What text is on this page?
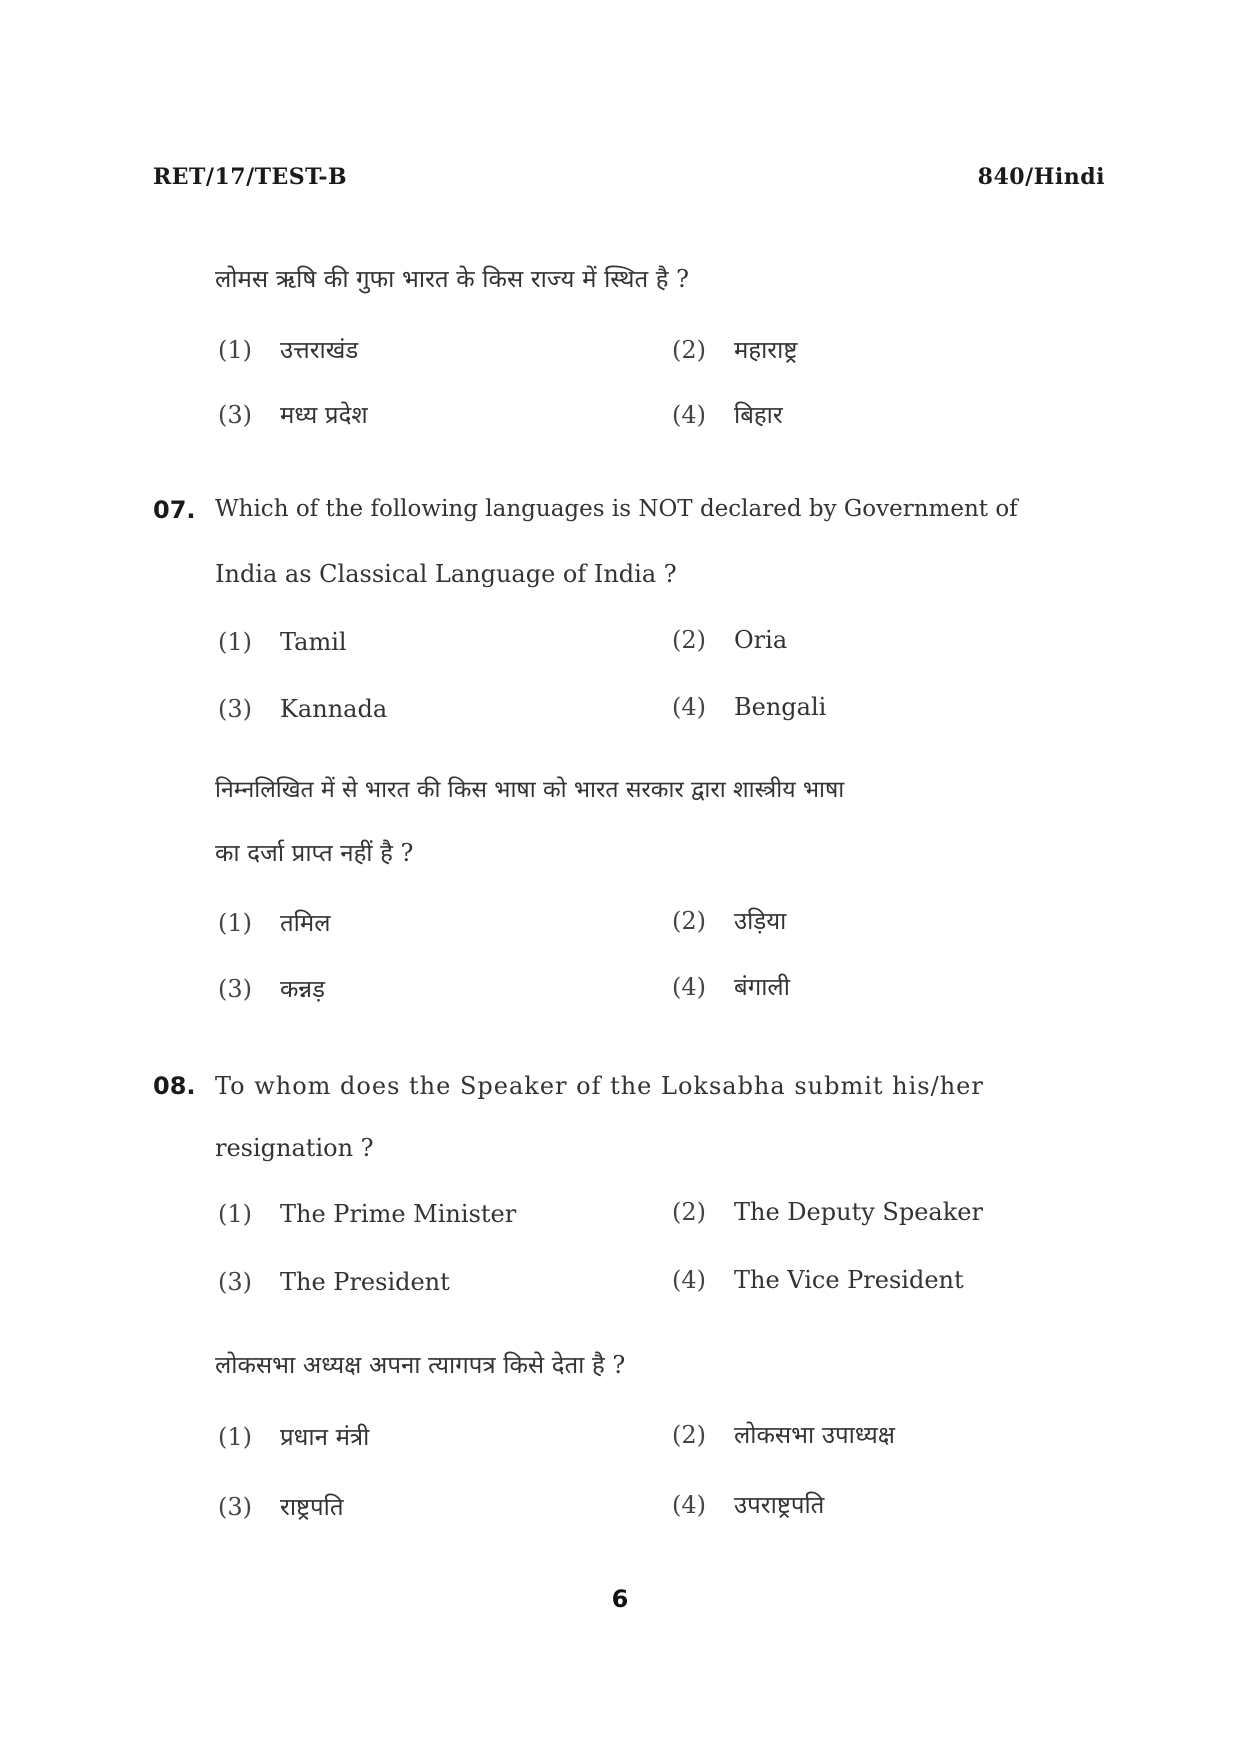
RET/17/TEST-B	840/Hindi
लोमस ऋषि की गुफा भारत के किस राज्य में स्थित है ?
(1) उत्तराखंड	(2) महाराष्ट्र
(3) मध्य प्रदेश	(4) बिहार
07. Which of the following languages is NOT declared by Government of
India as Classical Language of India ?
(1) Tamil	(2) Oria
(3) Kannada	(4) Bengali
निम्नलिखित में से भारत की किस भाषा को भारत सरकार द्वारा शास्त्रीय भाषा
का दर्जा प्राप्त नहीं है ?
(1) तमिल	(2) उड़िया
(3) कन्नड़	(4) बंगाली
08. To whom does the Speaker of the Loksabha submit his/her
resignation ?
(1) The Prime Minister	(2) The Deputy Speaker
(3) The President	(4) The Vice President
लोकसभा अध्यक्ष अपना त्यागपत्र किसे देता है ?
(1) प्रधान मंत्री	(2) लोकसभा उपाध्यक्ष
(3) राष्ट्रपति	(4) उपराष्ट्रपति
6
